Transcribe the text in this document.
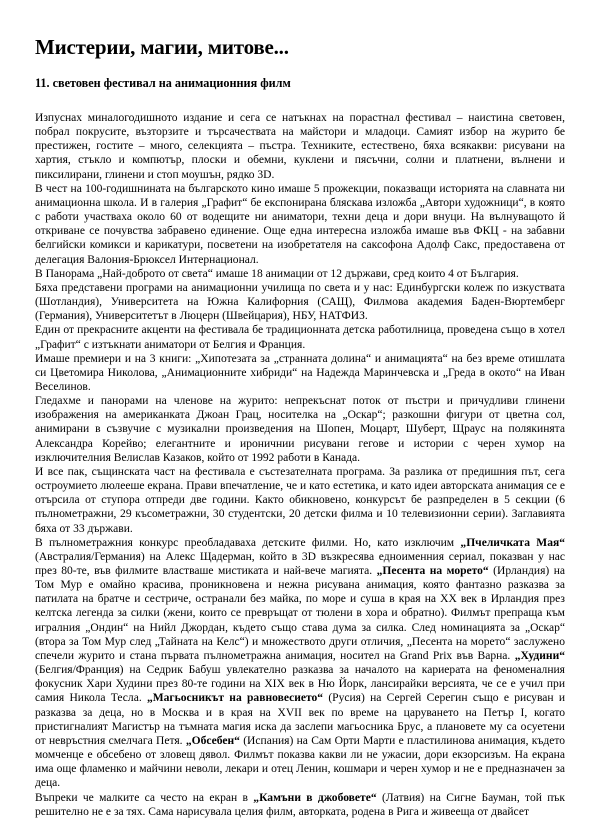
Мистерии, магии, митове...
11. световен фестивал на анимационния филм

Изпуснах миналогодишното издание и сега се натъкнах на порастнал фестивал – наистина световен, побрал покрусите, възторзите и търсачествата на майстори и младоци. Самият избор на журито бе престижен, гостите – много, селекцията – пъстра. Техниките, естествено, бяха всякакви: рисувани на хартия, стъкло и компютър, плоски и обемни, куклени и пясъчни, солни и платнени, вълнени и пиксилирани, глинени и стоп моушън, рядко 3D.

В чест на 100-годишнината на българското кино имаше 5 прожекции, показващи историята на славната ни анимационна школа. И в галерия „Графит“ бе експонирана бляскава изложба „Автори художници“, в която с работи участваха около 60 от водещите ни аниматори, техни деца и дори внуци. На вълнуващото й откриване се почувства забравено единение. Още една интересна изложба имаше във ФКЦ - на забавни белгийски комикси и карикатури, посветени на изобретателя на саксофона Адолф Сакс, предоставена от делегация Валония-Брюксел Интернационал.

В Панорама „Най-доброто от света“ имаше 18 анимации от 12 държави, сред които 4 от България.

Бяха представени програми на анимационни училища по света и у нас: Единбургски колеж по изкуствата (Шотландия), Университета на Южна Калифорния (САЩ), Филмова академия Баден-Вюртемберг (Германия), Университетът в Люцерн (Швейцария), НБУ, НАТФИЗ.

Един от прекрасните акценти на фестивала бе традиционната детска работилница, проведена също в хотел „Графит“ с изтъкнати аниматори от Белгия и Франция.

Имаше премиери и на 3 книги: „Хипотезата за „странната долина“ и анимацията“ на без време отишлата си Цветомира Николова, „Анимационните хибриди“ на Надежда Маринчевска и „Греда в окото“ на Иван Веселинов.

Гледахме и панорами на членове на журито: непрекъснат поток от пъстри и причудливи глинени изображения на американката Джоан Грац, носителка на „Оскар“; разкошни фигури от цветна сол, анимирани в съзвучие с музикални произведения на Шопен, Моцарт, Шуберт, Щраус на полякинята Александра Корейво; елегантните и ироничнии рисувани гегове и истории с черен хумор на изключителния Велислав Казаков, който от 1992 работи в Канада.

И все пак, същинската част на фестивала е състезателната програма. За разлика от предишния път, сега остроумието люлееше екрана. Прави впечатление, че и като естетика, и като идеи авторската анимация се е отърсила от ступора отпреди две години. Както обикновено, конкурсът бе разпределен в 5 секции (6 пълнометражни, 29 късометражни, 30 студентски, 20 детски филма и 10 телевизионни серии). Заглавията бяха от 33 държави.

В пълнометражния конкурс преобладаваха детските филми. Но, като изключим „Пчеличката Мая“ (Австралия/Германия) на Алекс Щадерман, който в 3D възкресява едноименния сериал, показван у нас през 80-те, във филмите властваше мистиката и най-вече магията. „Песента на морето“ (Ирландия) на Том Мур е омайно красива, проникновена и нежна рисувана анимация, която фантазно разказва за патилата на братче и сестриче, остранали без майка, по море и суша в края на XX век в Ирландия през келтска легенда за силки (жени, които се превръщат от тюлени в хора и обратно). Филмът препраща към игралния „Ондин“ на Нийл Джордан, където също става дума за силка. След номинацията за „Оскар“ (втора за Том Мур след „Тайната на Келс“) и множеството други отличия, „Песента на морето“ заслужено спечели журито и стана първата пълнометражна анимация, носител на Grand Prix във Варна. „Худини“ (Белгия/Франция) на Седрик Бабуш увлекателно разказва за началото на кариерата на феноменалния фокусник Хари Худини през 80-те години на XIX век в Ню Йорк, лансирайки версията, че се е учил при самия Никола Тесла. „Магьосникът на равновесието“ (Русия) на Сергей Серегин също е рисуван и разказва за деца, но в Москва и в края на XVII век по време на царуването на Петър I, когато пристигналият Магистър на тъмната магия иска да заслепи магьосника Брус, а плановете му са осуетени от невръстния смелчага Петя. „Обсебен“ (Испания) на Сам Орти Марти е пластилинова анимация, където момченце е обсебено от зловещ дявол. Филмът показва какви ли не ужасии, дори екзорсизъм. На екрана има още фламенко и майчини неволи, лекари и отец Ленин, кошмари и черен хумор и не е предназначен за деца.

Въпреки че малките са често на екран в „Камъни в джобовете“ (Латвия) на Сигне Бауман, той пък решително не е за тях. Сама нарисувала целия филм, авторката, родена в Рига и живееща от двайсет
